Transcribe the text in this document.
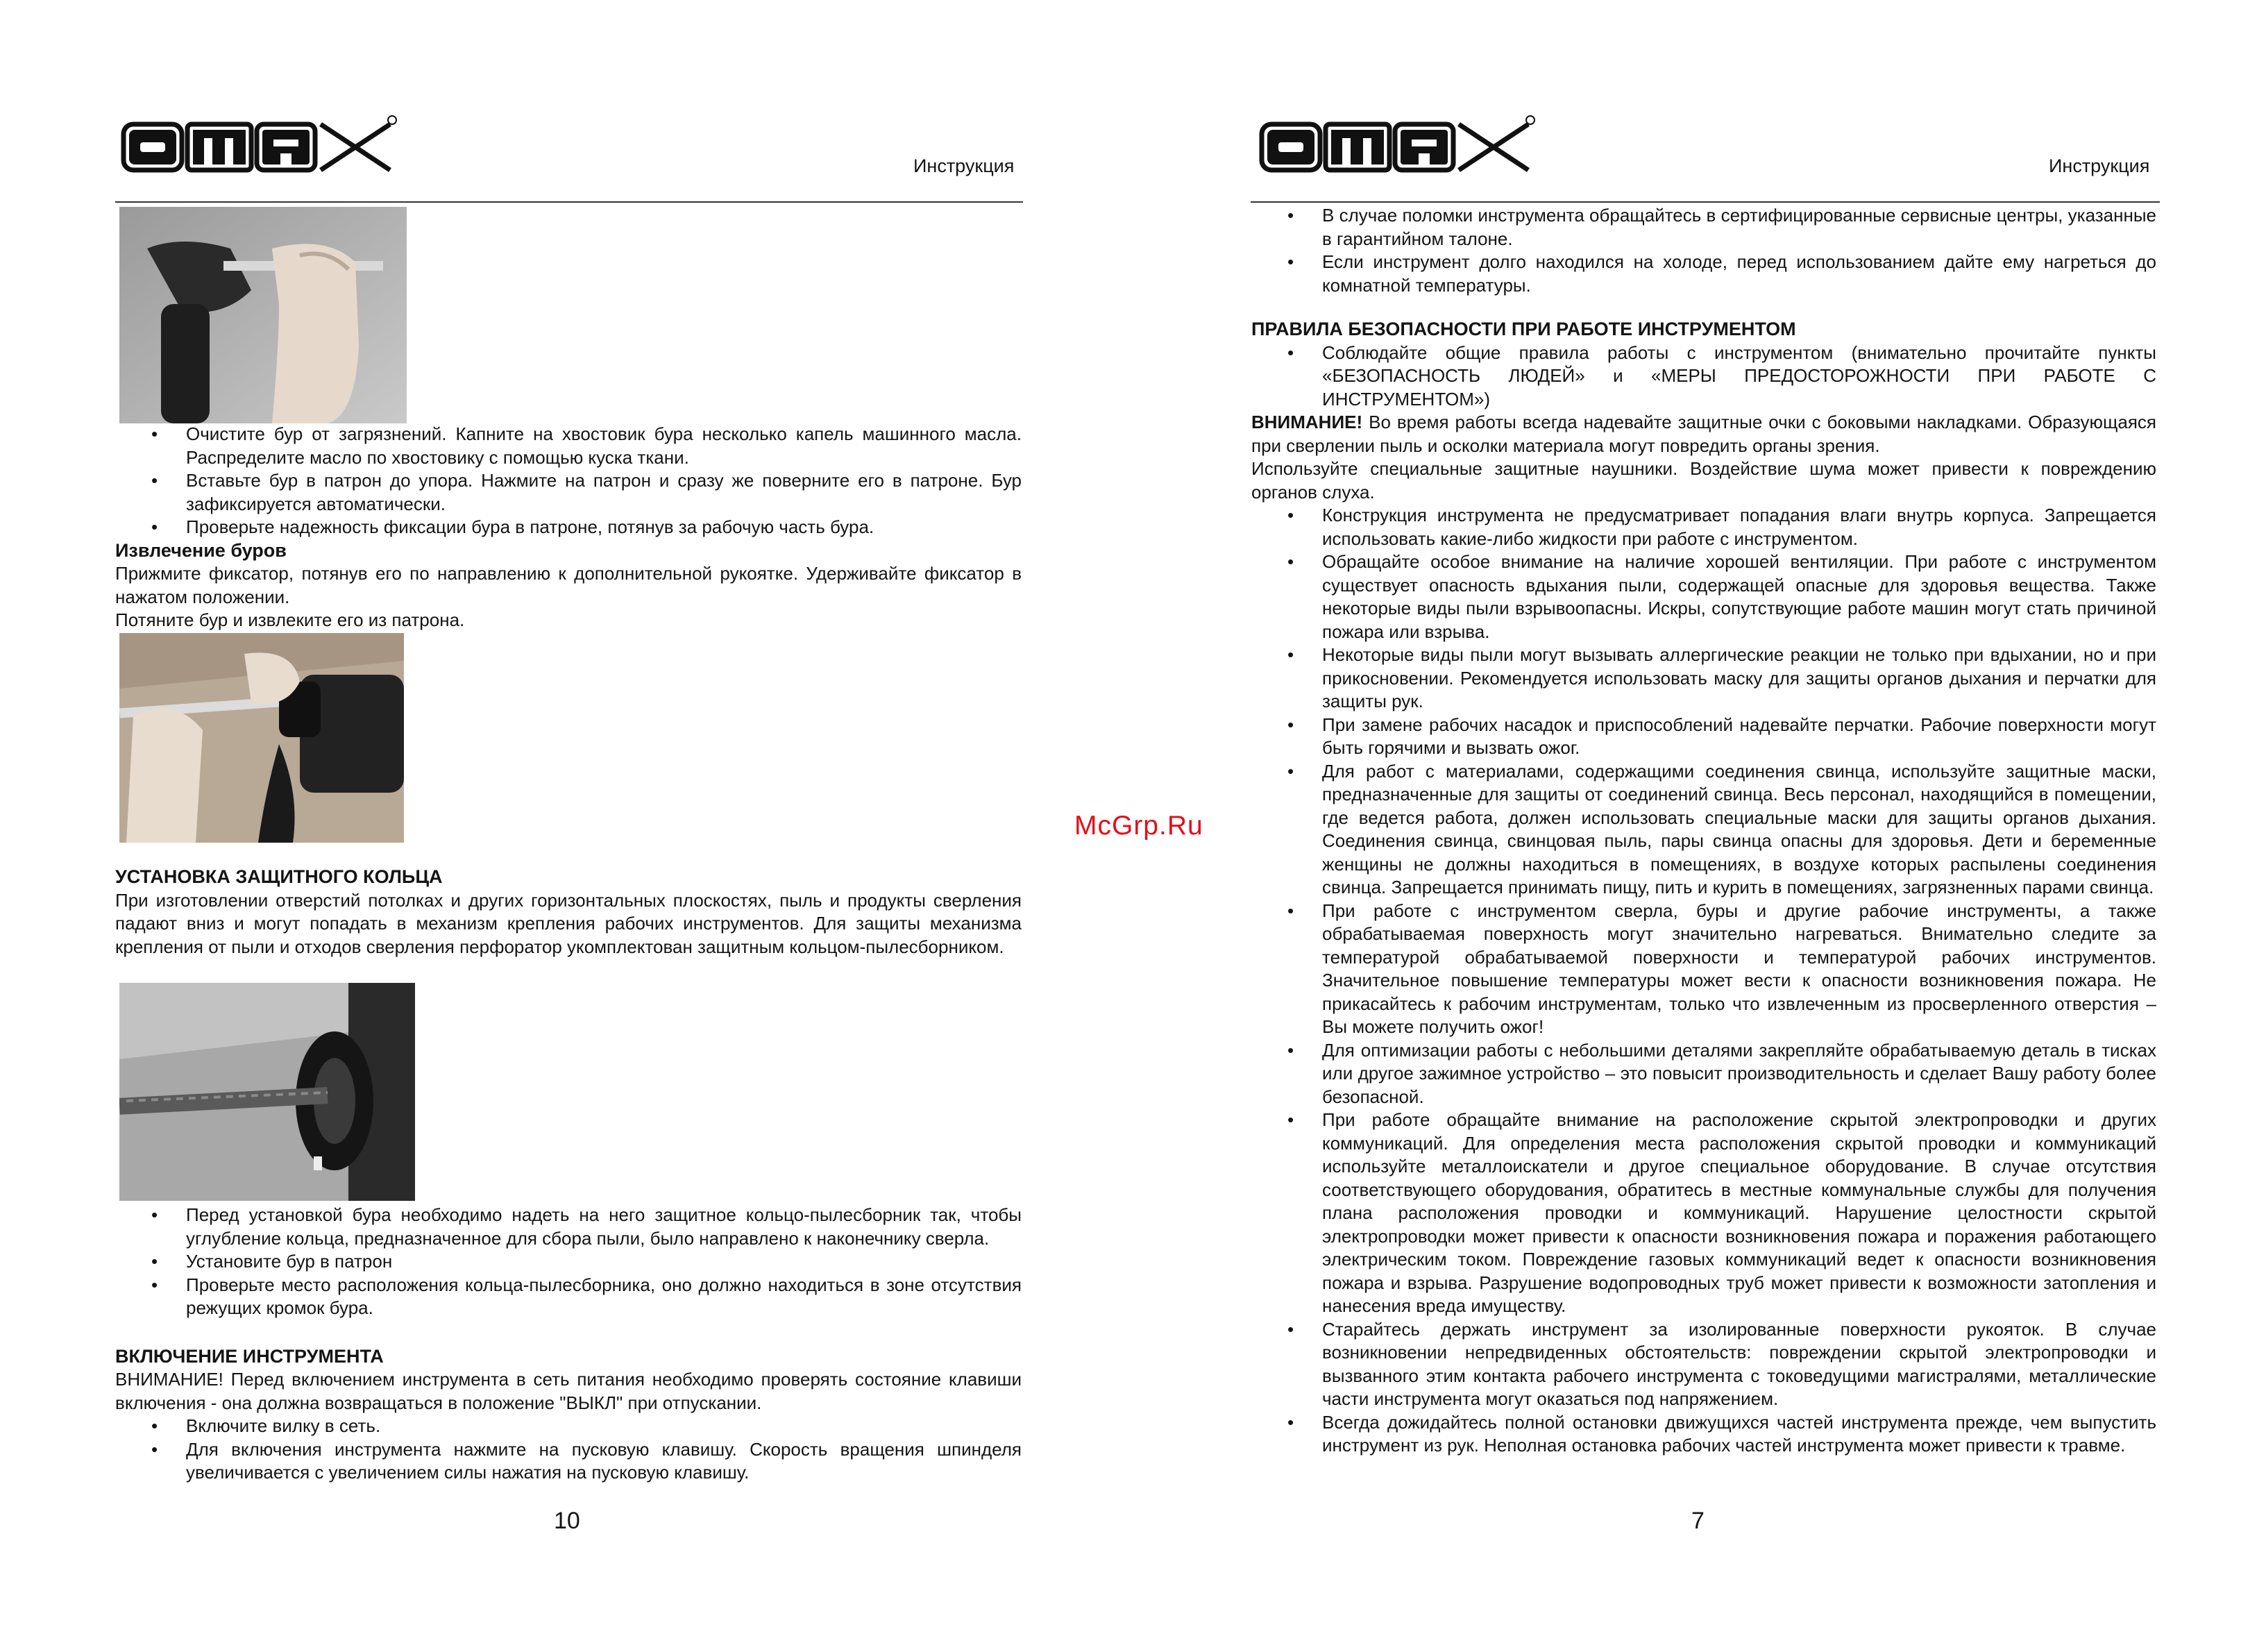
Инструкция
• Очистите бур от загрязнений. Капните на хвостовик бура несколько капель машинного масла. Распределите масло по хвостовику с помощью куска ткани.
• Вставьте бур в патрон до упора. Нажмите на патрон и сразу же поверните его в патроне. Бур зафиксируется автоматически.
• Проверьте надежность фиксации бура в патроне, потянув за рабочую часть бура.
Извлечение буров

Прижмите фиксатор, потянув его по направлению к дополнительной рукоятке. Удерживайте фиксатор в нажатом положении.

Потяните бур и извлеките его из патрона.

УСТАНОВКА ЗАЩИТНОГО КОЛЬЦА

При изготовлении отверстий потолках и других горизонтальных плоскостях, пыль и продукты сверления падают вниз и могут попадать в механизм крепления рабочих инструментов. Для защиты механизма крепления от пыли и отходов сверления перфоратор укомплектован защитным кольцом-пылесборником.

• Перед установкой бура необходимо надеть на него защитное кольцо-пылесборник так, чтобы углубление кольца, предназначенное для сбора пыли, было направлено к наконечнику сверла.
• Установите бур в патрон
• Проверьте место расположения кольца-пылесборника, оно должно находиться в зоне отсутствия режущих кромок бура.
ВКЛЮЧЕНИЕ ИНСТРУМЕНТА

ВНИМАНИЕ! Перед включением инструмента в сеть питания необходимо проверять состояние клавиши включения - она должна возвращаться в положение "ВЫКЛ" при отпускании.

• Включите вилку в сеть.
• Для включения инструмента нажмите на пусковую клавишу. Скорость вращения шпинделя увеличивается с увеличением силы нажатия на пусковую клавишу.
10
Инструкция
• В случае поломки инструмента обращайтесь в сертифицированные сервисные центры, указанные в гарантийном талоне.
• Если инструмент долго находился на холоде, перед использованием дайте ему нагреться до комнатной температуры.
ПРАВИЛА БЕЗОПАСНОСТИ ПРИ РАБОТЕ ИНСТРУМЕНТОМ
• Соблюдайте общие правила работы с инструментом (внимательно прочитайте пункты «БЕЗОПАСНОСТЬ ЛЮДЕЙ» и «МЕРЫ ПРЕДОСТОРОЖНОСТИ ПРИ РАБОТЕ С ИНСТРУМЕНТОМ»)

ВНИМАНИЕ! Во время работы всегда надевайте защитные очки с боковыми накладками. Образующаяся при сверлении пыль и осколки материала могут повредить органы зрения.

Используйте специальные защитные наушники. Воздействие шума может привести к повреждению органов слуха.

• Конструкция инструмента не предусматривает попадания влаги внутрь корпуса. Запрещается использовать какие-либо жидкости при работе с инструментом.
• Обращайте особое внимание на наличие хорошей вентиляции. При работе с инструментом существует опасность вдыхания пыли, содержащей опасные для здоровья вещества. Также некоторые виды пыли взрывоопасны. Искры, сопутствующие работе машин могут стать причиной пожара или взрыва.
• Некоторые виды пыли могут вызывать аллергические реакции не только при вдыхании, но и при прикосновении. Рекомендуется использовать маску для защиты органов дыхания и перчатки для защиты рук.
• При замене рабочих насадок и приспособлений надевайте перчатки. Рабочие поверхности могут быть горячими и вызвать ожог.
• Для работ с материалами, содержащими соединения свинца, используйте защитные маски, предназначенные для защиты от соединений свинца. Весь персонал, находящийся в помещении, где ведется работа, должен использовать специальные маски для защиты органов дыхания. Соединения свинца, свинцовая пыль, пары свинца опасны для здоровья. Дети и беременные женщины не должны находиться в помещениях, в воздухе которых распылены соединения свинца. Запрещается принимать пищу, пить и курить в помещениях, загрязненных парами свинца.
• При работе с инструментом сверла, буры и другие рабочие инструменты, а также обрабатываемая поверхность могут значительно нагреваться. Внимательно следите за температурой обрабатываемой поверхности и температурой рабочих инструментов. Значительное повышение температуры может вести к опасности возникновения пожара. Не прикасайтесь к рабочим инструментам, только что извлеченным из просверленного отверстия – Вы можете получить ожог!
• Для оптимизации работы с небольшими деталями закрепляйте обрабатываемую деталь в тисках или другое зажимное устройство – это повысит производительность и сделает Вашу работу более безопасной.
• При работе обращайте внимание на расположение скрытой электропроводки и других коммуникаций. Для определения места расположения скрытой проводки и коммуникаций используйте металлоискатели и другое специальное оборудование. В случае отсутствия соответствующего оборудования, обратитесь в местные коммунальные службы для получения плана расположения проводки и коммуникаций. Нарушение целостности скрытой электропроводки может привести к опасности возникновения пожара и поражения работающего электрическим током. Повреждение газовых коммуникаций ведет к опасности возникновения пожара и взрыва. Разрушение водопроводных труб может привести к возможности затопления и нанесения вреда имуществу.
• Старайтесь держать инструмент за изолированные поверхности рукояток. В случае возникновении непредвиденных обстоятельств: повреждении скрытой электропроводки и вызванного этим контакта рабочего инструмента с токоведущими магистралями, металлические части инструмента могут оказаться под напряжением.
• Всегда дожидайтесь полной остановки движущихся частей инструмента прежде, чем выпустить инструмент из рук. Неполная остановка рабочих частей инструмента может привести к травме.
7
McGrp.Ru
